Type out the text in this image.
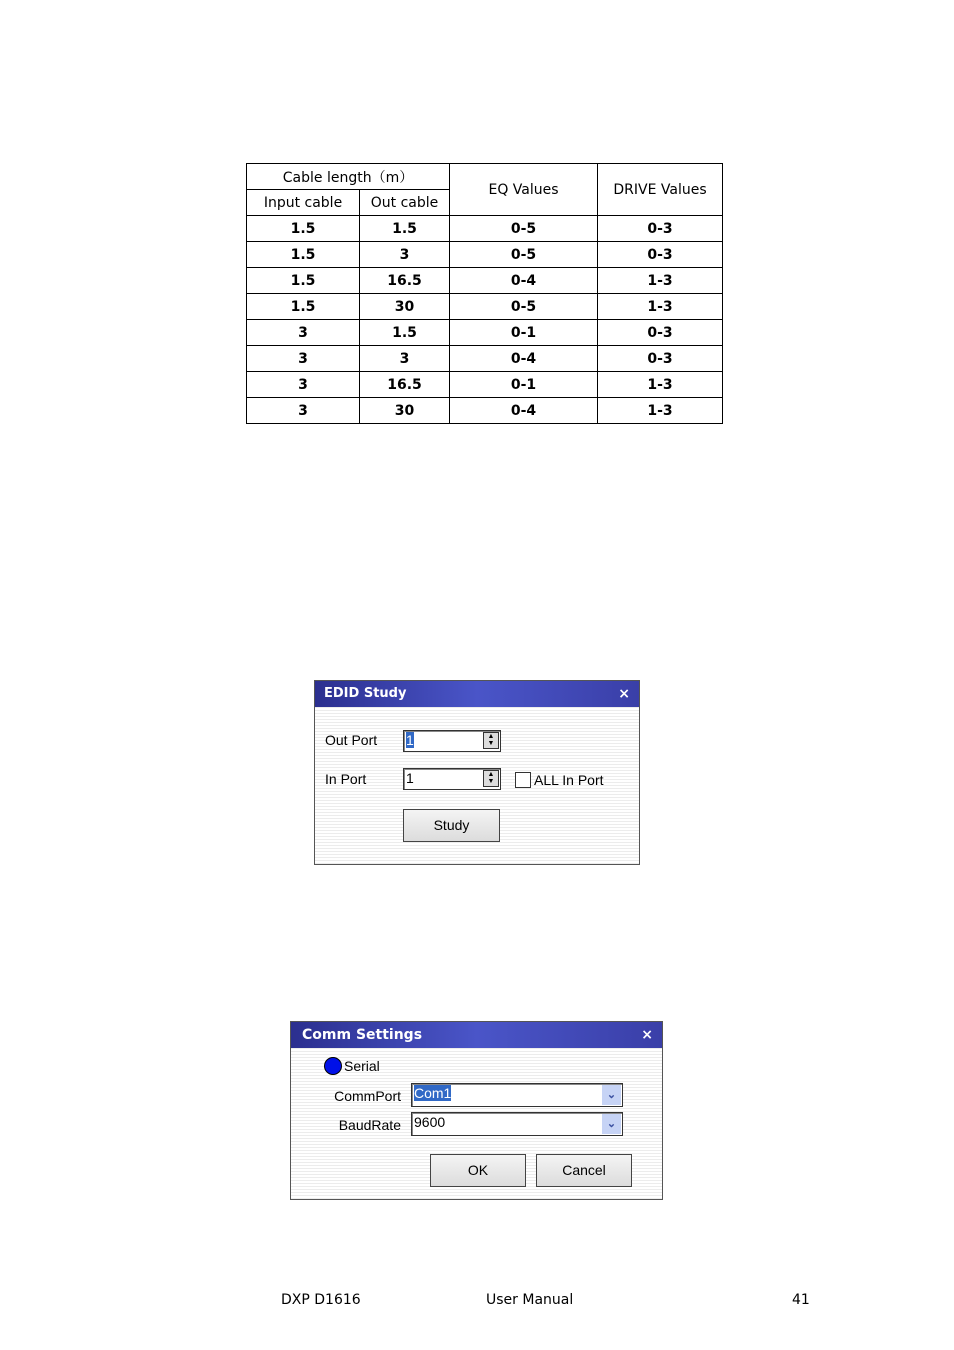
Cable length（m）		EQ Values	DRIVE Values
Input cable	Out cable		
1.5	1.5	0-5	0-3
1.5	3	0-5	0-3
1.5	16.5	0-4	1-3
1.5	30	0-5	1-3
3	1.5	0-1	0-3
3	3	0-4	0-3
3	16.5	0-1	1-3
3	30	0-4	1-3
EDID Study	×
Out Port 1	▲
▼
In Port	1	▲
▼	ALL In Port
Study
Comm Settings	×
Serial
CommPort Com1	⌄
BaudRate 9600	⌄
OK	Cancel
DXP D1616	User Manual	41
